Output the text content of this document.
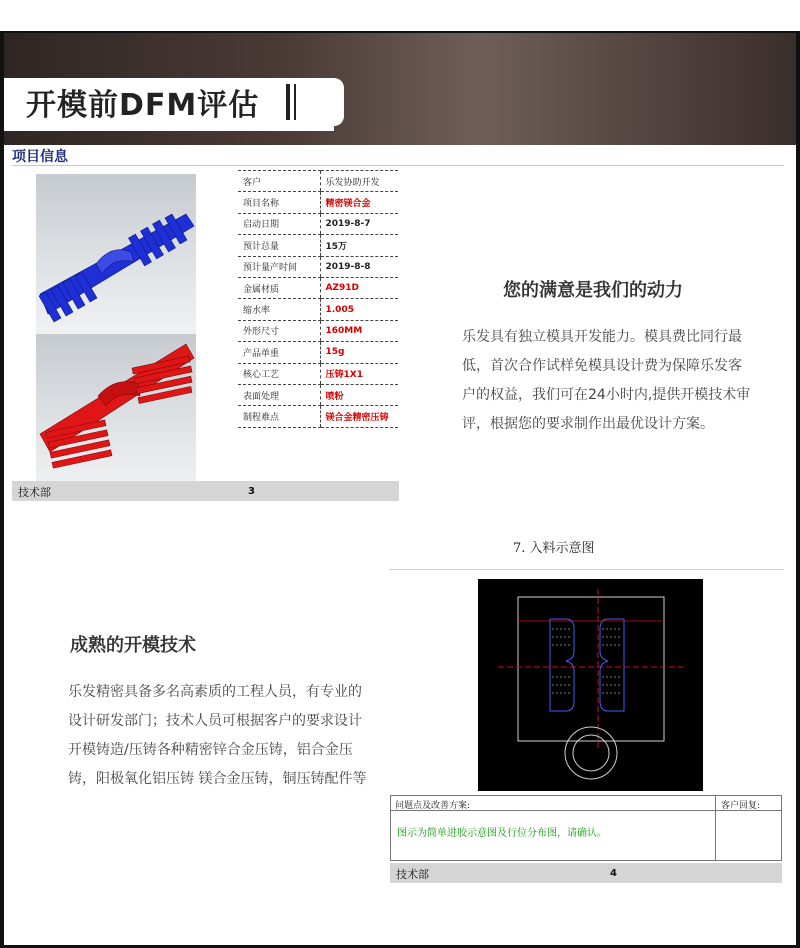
开模前DFM评估
项目信息
客户	乐发协助开发
项目名称	精密镁合金
启动日期	2019-8-7
预计总量	15万
预计量产时间	2019-8-8
金属材质	AZ91D
缩水率	1.005
外形尺寸	160MM
产品单重	15g
核心工艺	压铸1X1
表面处理	喷粉
制程难点	镁合金精密压铸
技术部	3
您的满意是我们的动力
乐发具有独立模具开发能力。模具费比同行最低，首次合作试样免模具设计费为保障乐发客户的权益，我们可在24小时内,提供开模技术审评，根据您的要求制作出最优设计方案。
7. 入料示意图
问题点及改善方案:	客户回复:
图示为简单进胶示意图及行位分布图，请确认。
技术部	4
成熟的开模技术
乐发精密具备多名高素质的工程人员，有专业的设计研发部门；技术人员可根据客户的要求设计开模铸造/压铸各种精密锌合金压铸，铝合金压铸，阳极氧化铝压铸 镁合金压铸，铜压铸配件等
